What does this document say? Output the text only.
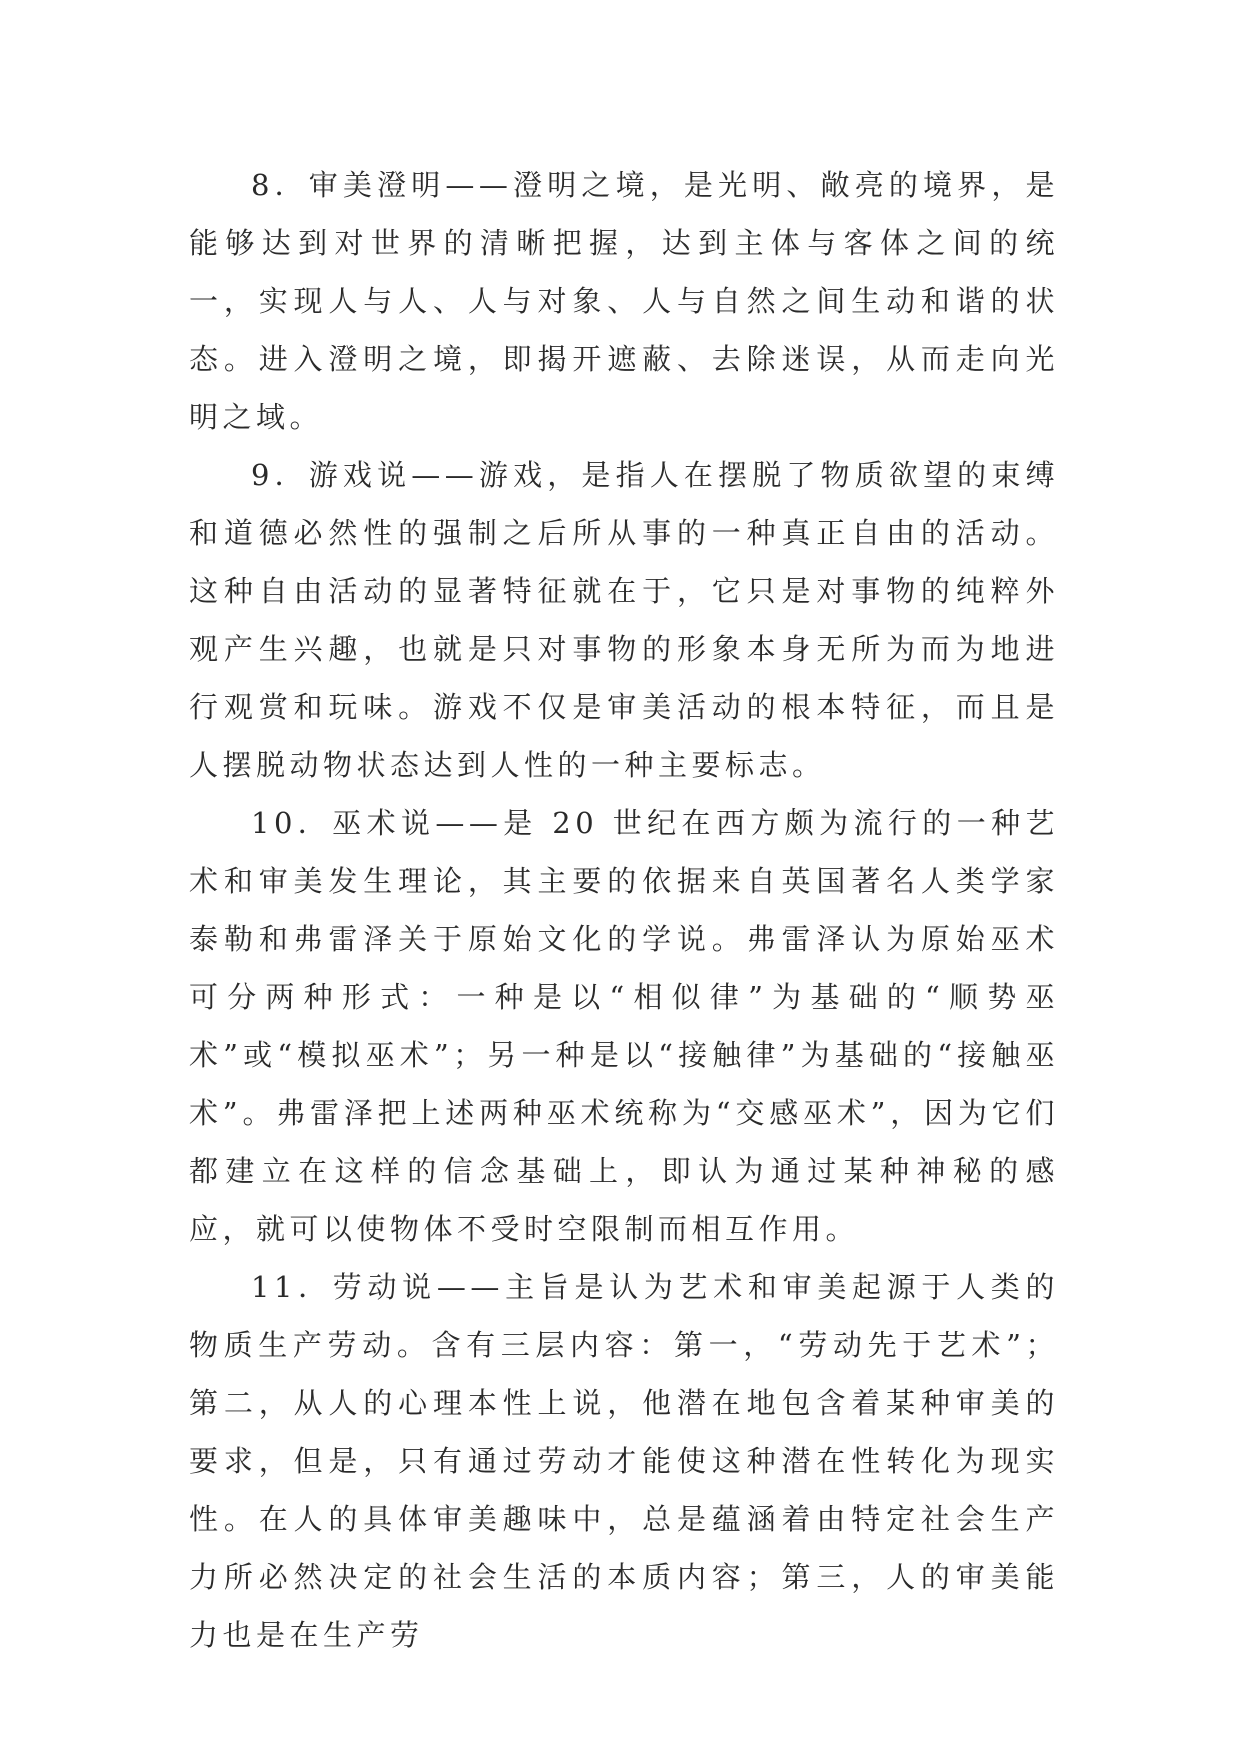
8．审美澄明——澄明之境，是光明、敞亮的境界，是能够达到对世界的清晰把握，达到主体与客体之间的统一，实现人与人、人与对象、人与自然之间生动和谐的状态。进入澄明之境，即揭开遮蔽、去除迷误，从而走向光明之域。

9．游戏说——游戏，是指人在摆脱了物质欲望的束缚和道德必然性的强制之后所从事的一种真正自由的活动。这种自由活动的显著特征就在于，它只是对事物的纯粹外观产生兴趣，也就是只对事物的形象本身无所为而为地进行观赏和玩味。游戏不仅是审美活动的根本特征，而且是人摆脱动物状态达到人性的一种主要标志。

10．巫术说——是 20 世纪在西方颇为流行的一种艺术和审美发生理论，其主要的依据来自英国著名人类学家泰勒和弗雷泽关于原始文化的学说。弗雷泽认为原始巫术可分两种形式：一种是以“相似律”为基础的“顺势巫术”或“模拟巫术”；另一种是以“接触律”为基础的“接触巫术”。弗雷泽把上述两种巫术统称为“交感巫术”，因为它们都建立在这样的信念基础上，即认为通过某种神秘的感应，就可以使物体不受时空限制而相互作用。

11．劳动说——主旨是认为艺术和审美起源于人类的物质生产劳动。含有三层内容：第一，“劳动先于艺术”；第二，从人的心理本性上说，他潜在地包含着某种审美的要求，但是，只有通过劳动才能使这种潜在性转化为现实性。在人的具体审美趣味中，总是蕴涵着由特定社会生产力所必然决定的社会生活的本质内容；第三，人的审美能力也是在生产劳
